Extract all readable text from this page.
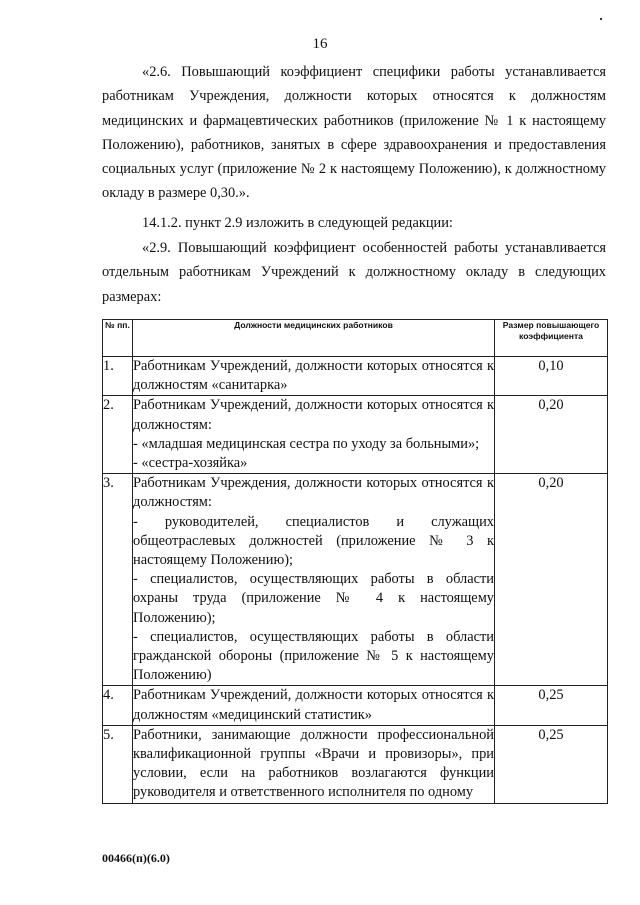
16
«2.6. Повышающий коэффициент специфики работы устанавливается работникам Учреждения, должности которых относятся к должностям медицинских и фармацевтических работников (приложение № 1 к настоящему Положению), работников, занятых в сфере здравоохранения и предоставления социальных услуг (приложение № 2 к настоящему Положению), к должностному окладу в размере 0,30.».
14.1.2. пункт 2.9 изложить в следующей редакции:
«2.9. Повышающий коэффициент особенностей работы устанавливается отдельным работникам Учреждений к должностному окладу в следующих размерах:
№ пп.	Должности медицинских работников	Размер повышающего коэффициента
1.	Работникам Учреждений, должности которых относятся к должностям «санитарка»	0,10
2.	Работникам Учреждений, должности которых относятся к должностям:
- «младшая медицинская сестра по уходу за больными»;
- «сестра-хозяйка»	0,20
3.	Работникам Учреждения, должности которых относятся к должностям:
- руководителей, специалистов и служащих общеотраслевых должностей (приложение № 3 к настоящему Положению);
- специалистов, осуществляющих работы в области охраны труда (приложение № 4 к настоящему Положению);
- специалистов, осуществляющих работы в области гражданской обороны (приложение № 5 к настоящему Положению)	0,20
4.	Работникам Учреждений, должности которых относятся к должностям «медицинский статистик»	0,25
5.	Работники, занимающие должности профессиональной квалификационной группы «Врачи и провизоры», при условии, если на работников возлагаются функции руководителя и ответственного исполнителя по одному	0,25
00466(п)(6.0)
